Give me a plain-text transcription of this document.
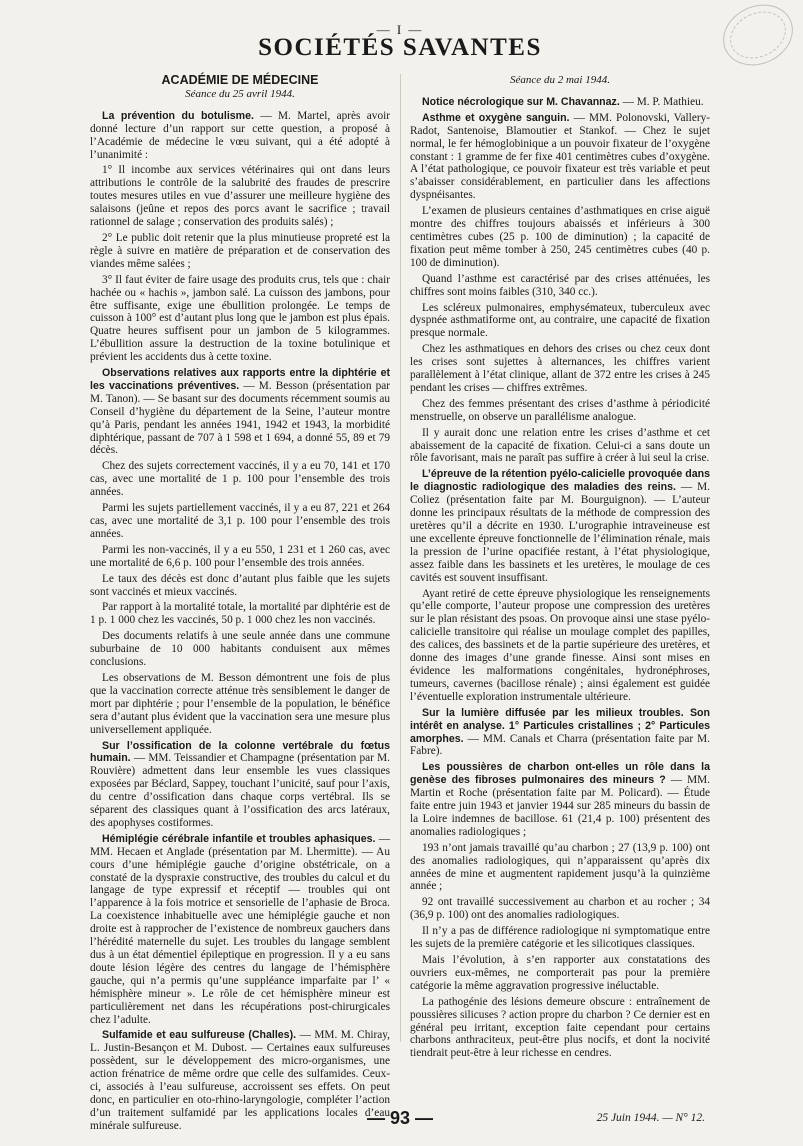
— I —
SOCIÉTÉS SAVANTES
ACADÉMIE DE MÉDECINE
Séance du 25 avril 1944.

La prévention du botulisme. — M. Martel, après avoir donné lecture d’un rapport sur cette question, a proposé à l’Académie de médecine le vœu suivant, qui a été adopté à l’unanimité :

1° Il incombe aux services vétérinaires qui ont dans leurs attributions le contrôle de la salubrité des fraudes de prescrire toutes mesures utiles en vue d’assurer une meilleure hygiène des salaisons (jeûne et repos des porcs avant le sacrifice ; travail rationnel de salage ; conservation des produits salés) ;

2° Le public doit retenir que la plus minutieuse propreté est la règle à suivre en matière de préparation et de conservation des viandes même salées ;

3° Il faut éviter de faire usage des produits crus, tels que : chair hachée ou « hachis », jambon salé. La cuisson des jambons, pour être suffisante, exige une ébullition prolongée. Le temps de cuisson à 100° est d’autant plus long que le jambon est plus épais. Quatre heures suffisent pour un jambon de 5 kilogrammes. L’ébullition assure la destruction de la toxine botulinique et prévient les accidents dus à cette toxine.

Observations relatives aux rapports entre la diphtérie et les vaccinations préventives. — M. Besson (présentation par M. Tanon). — Se basant sur des documents récemment soumis au Conseil d’hygiène du département de la Seine, l’auteur montre qu’à Paris, pendant les années 1941, 1942 et 1943, la morbidité diphtérique, passant de 707 à 1 598 et 1 694, a donné 55, 89 et 79 décès.

Chez des sujets correctement vaccinés, il y a eu 70, 141 et 170 cas, avec une mortalité de 1 p. 100 pour l’ensemble des trois années.

Parmi les sujets partiellement vaccinés, il y a eu 87, 221 et 264 cas, avec une mortalité de 3,1 p. 100 pour l’ensemble des trois années.

Parmi les non-vaccinés, il y a eu 550, 1 231 et 1 260 cas, avec une mortalité de 6,6 p. 100 pour l’ensemble des trois années.

Le taux des décès est donc d’autant plus faible que les sujets sont vaccinés et mieux vaccinés.

Par rapport à la mortalité totale, la mortalité par diphtérie est de 1 p. 1 000 chez les vaccinés, 50 p. 1 000 chez les non vaccinés.

Des documents relatifs à une seule année dans une commune suburbaine de 10 000 habitants conduisent aux mêmes conclusions.

Les observations de M. Besson démontrent une fois de plus que la vaccination correcte atténue très sensiblement le danger de mort par diphtérie ; pour l’ensemble de la population, le bénéfice sera d’autant plus évident que la vaccination sera une mesure plus universellement appliquée.

Sur l’ossification de la colonne vertébrale du fœtus humain. — MM. Teissandier et Champagne (présentation par M. Rouvière) admettent dans leur ensemble les vues classiques exposées par Béclard, Sappey, touchant l’unicité, sauf pour l’axis, du centre d’ossification dans chaque corps vertébral. Ils se séparent des classiques quant à l’ossification des arcs latéraux, des apophyses costiformes.

Hémiplégie cérébrale infantile et troubles aphasiques. — MM. Hecaen et Anglade (présentation par M. Lhermitte). — Au cours d’une hémiplégie gauche d’origine obstétricale, on a constaté de la dyspraxie constructive, des troubles du calcul et du langage de type expressif et réceptif — troubles qui ont l’apparence à la fois motrice et sensorielle de l’aphasie de Broca. La coexistence inhabituelle avec une hémiplégie gauche et non droite est à rapprocher de l’existence de nombreux gauchers dans l’hérédité maternelle du sujet. Les troubles du langage semblent dus à un état démentiel épileptique en progression. Il y a eu sans doute lésion légère des centres du langage de l’hémisphère gauche, qui n’a permis qu’une suppléance imparfaite par l’ « hémisphère mineur ». Le rôle de cet hémisphère mineur est particulièrement net dans les récupérations post-chirurgicales chez l’adulte.

Sulfamide et eau sulfureuse (Challes). — MM. M. Chiray, L. Justin-Besançon et M. Dubost. — Certaines eaux sulfureuses possèdent, sur le développement des micro-organismes, une action frénatrice de même ordre que celle des sulfamides. Ceux-ci, associés à l’eau sulfureuse, accroissent ses effets. On peut donc, en particulier en oto-rhino-laryngologie, compléter l’action d’un traitement sulfamidé par les applications locales d’eau minérale sulfureuse.

Séance du 2 mai 1944.

Notice nécrologique sur M. Chavannaz. — M. P. Mathieu.

Asthme et oxygène sanguin. — MM. Polonovski, Vallery-Radot, Santenoise, Blamoutier et Stankof. — Chez le sujet normal, le fer hémoglobinique a un pouvoir fixateur de l’oxygène constant : 1 gramme de fer fixe 401 centimètres cubes d’oxygène. A l’état pathologique, ce pouvoir fixateur est très variable et peut s’abaisser considérablement, en particulier dans les affections dyspnéisantes.

L’examen de plusieurs centaines d’asthmatiques en crise aiguë montre des chiffres toujours abaissés et inférieurs à 300 centimètres cubes (25 p. 100 de diminution) ; la capacité de fixation peut même tomber à 250, 245 centimètres cubes (40 p. 100 de diminution).

Quand l’asthme est caractérisé par des crises atténuées, les chiffres sont moins faibles (310, 340 cc.).

Les scléreux pulmonaires, emphysémateux, tuberculeux avec dyspnée asthmatiforme ont, au contraire, une capacité de fixation presque normale.

Chez les asthmatiques en dehors des crises ou chez ceux dont les crises sont sujettes à alternances, les chiffres varient parallèlement à l’état clinique, allant de 372 entre les crises à 245 pendant les crises — chiffres extrêmes.

Chez des femmes présentant des crises d’asthme à périodicité menstruelle, on observe un parallélisme analogue.

Il y aurait donc une relation entre les crises d’asthme et cet abaissement de la capacité de fixation. Celui-ci a sans doute un rôle favorisant, mais ne paraît pas suffire à créer à lui seul la crise.

L’épreuve de la rétention pyélo-calicielle provoquée dans le diagnostic radiologique des maladies des reins. — M. Coliez (présentation faite par M. Bourguignon). — L’auteur donne les principaux résultats de la méthode de compression des uretères qu’il a décrite en 1930. L’urographie intraveineuse est une excellente épreuve fonctionnelle de l’élimination rénale, mais la pression de l’urine opacifiée restant, à l’état physiologique, assez faible dans les bassinets et les uretères, le moulage de ces cavités est souvent insuffisant.

Ayant retiré de cette épreuve physiologique les renseignements qu’elle comporte, l’auteur propose une compression des uretères sur le plan résistant des psoas. On provoque ainsi une stase pyélo-calicielle transitoire qui réalise un moulage complet des papilles, des calices, des bassinets et de la partie supérieure des uretères, et donne des images d’une grande finesse. Ainsi sont mises en évidence les malformations congénitales, hydronéphroses, tumeurs, cavernes (bacillose rénale) ; ainsi également est guidée l’éventuelle exploration instrumentale ultérieure.

Sur la lumière diffusée par les milieux troubles. Son intérêt en analyse. 1° Particules cristallines ; 2° Particules amorphes. — MM. Canals et Charra (présentation faite par M. Fabre).

Les poussières de charbon ont-elles un rôle dans la genèse des fibroses pulmonaires des mineurs ? — MM. Martin et Roche (présentation faite par M. Policard). — Étude faite entre juin 1943 et janvier 1944 sur 285 mineurs du bassin de la Loire indemnes de bacillose. 61 (21,4 p. 100) présentent des anomalies radiologiques ;

193 n’ont jamais travaillé qu’au charbon ; 27 (13,9 p. 100) ont des anomalies radiologiques, qui n’apparaissent qu’après dix années de mine et augmentent rapidement jusqu’à la quinzième année ;

92 ont travaillé successivement au charbon et au rocher ; 34 (36,9 p. 100) ont des anomalies radiologiques.

Il n’y a pas de différence radiologique ni symptomatique entre les sujets de la première catégorie et les silicotiques classiques.

Mais l’évolution, à s’en rapporter aux constatations des ouvriers eux-mêmes, ne comporterait pas pour la première catégorie la même aggravation progressive inéluctable.

La pathogénie des lésions demeure obscure : entraînement de poussières silicuses ? action propre du charbon ? Ce dernier est en général peu irritant, exception faite cependant pour certains charbons anthraciteux, peut-être plus nocifs, et dont la nocivité tiendrait peut-être à leur richesse en cendres.

— 93 —	25 Juin 1944. — N° 12.
